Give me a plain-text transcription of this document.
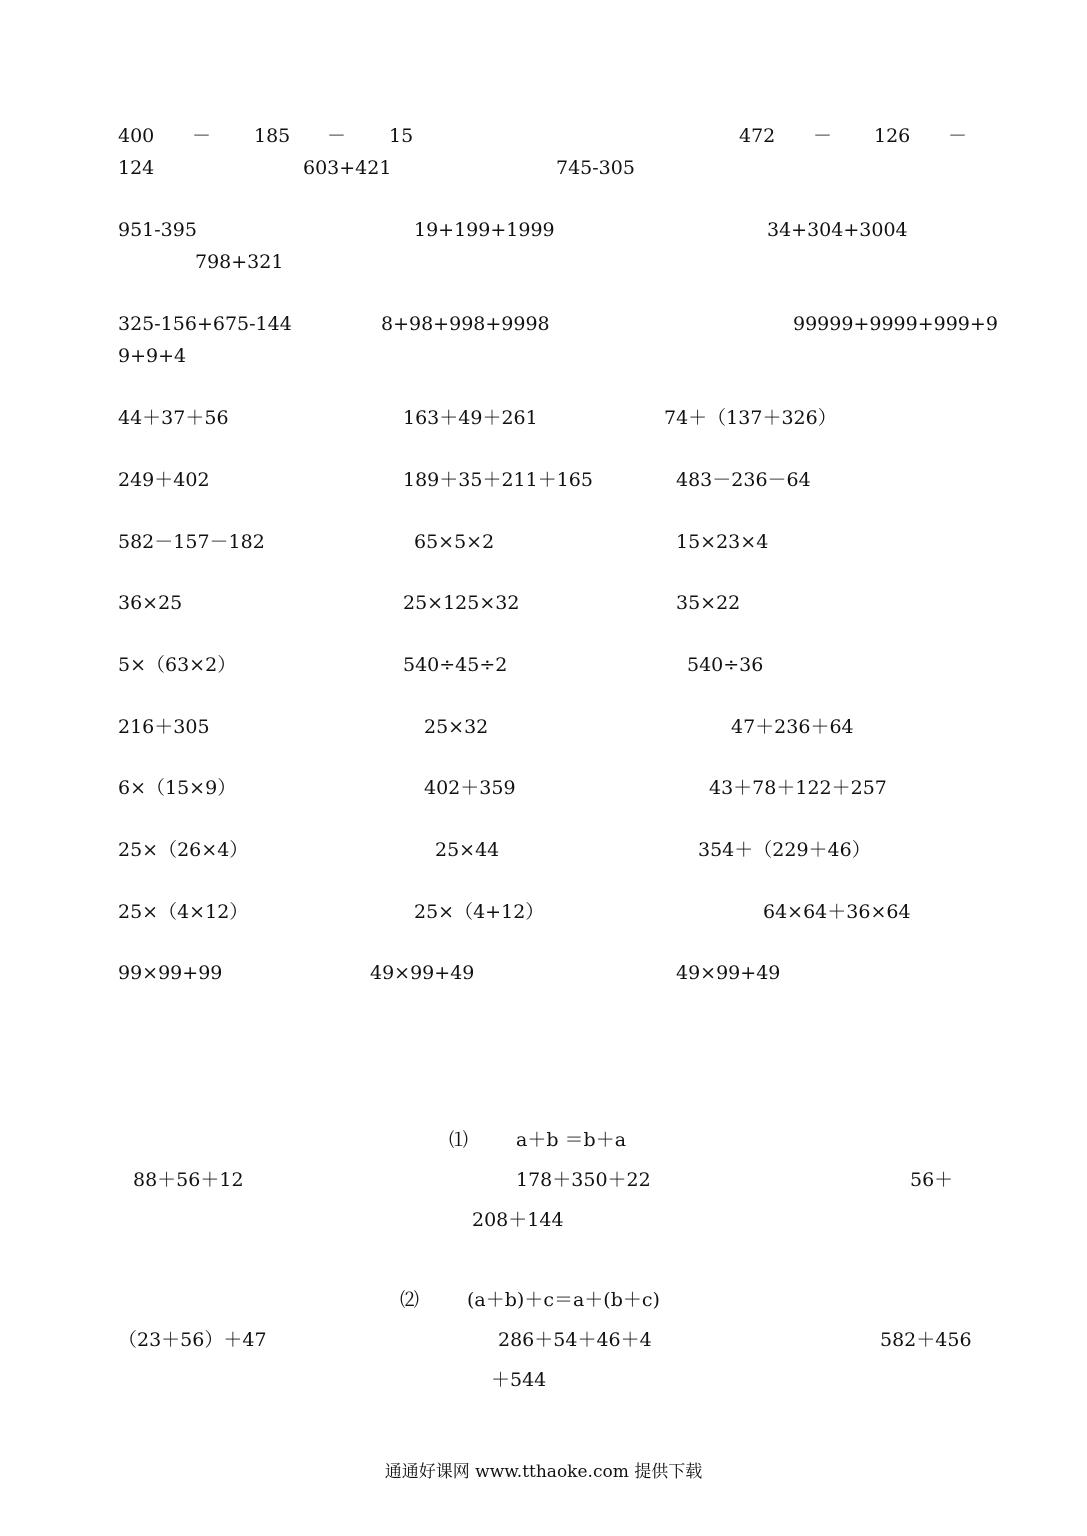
400 － 185 － 15	472 － 126 －
124	603+421	745-305
951-395	19+199+1999	34+304+3004
798+321
325-156+675-144	8+98+998+9998	99999+9999+999+9
9+9+4
44＋37＋56	163＋49＋261	74＋（137＋326）
249＋402	189＋35＋211＋165	483－236－64
582－157－182	65×5×2	15×23×4
36×25	25×125×32	35×22
5×（63×2）	540÷45÷2	540÷36
216＋305	25×32	47＋236＋64
6×（15×9）	402＋359	43＋78＋122＋257
25×（26×4）	25×44	354＋（229＋46）
25×（4×12）	25×（4+12）	64×64＋36×64
99×99+99	49×99+49	49×99+49
⑴	a＋b ＝b＋a
88＋56＋12	178＋350＋22	56＋
208＋144
⑵	(a＋b)＋c＝a＋(b＋c)
（23＋56）＋47	286＋54＋46＋4	582＋456
＋544
通通好课网 www.tthaoke.com 提供下载
